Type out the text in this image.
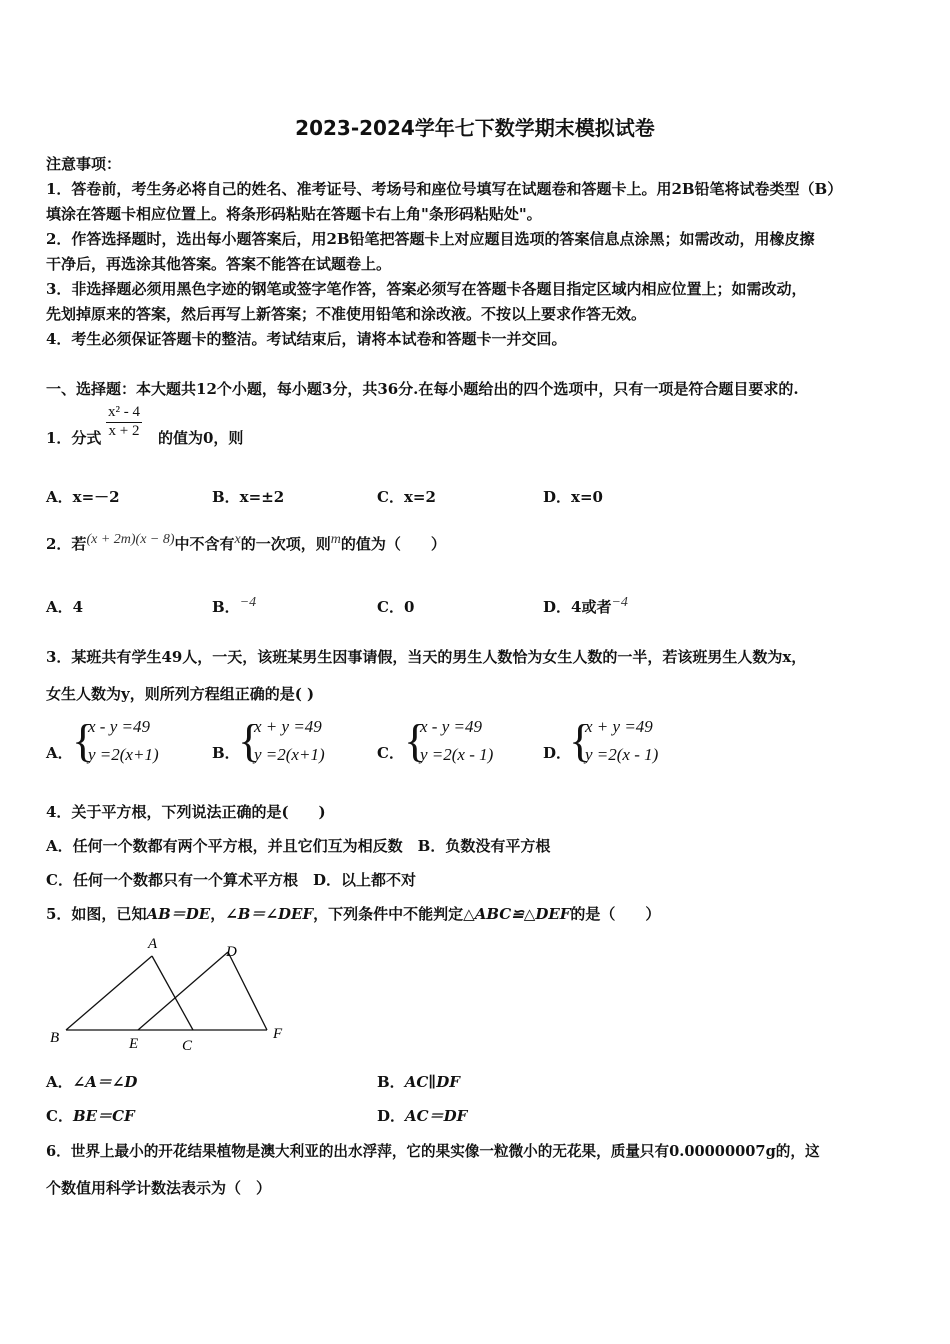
2023-2024学年七下数学期末模拟试卷
注意事项：
1．答卷前，考生务必将自己的姓名、准考证号、考场号和座位号填写在试题卷和答题卡上。用2B铅笔将试卷类型（B）
填涂在答题卡相应位置上。将条形码粘贴在答题卡右上角"条形码粘贴处"。
2．作答选择题时，选出每小题答案后，用2B铅笔把答题卡上对应题目选项的答案信息点涂黑；如需改动，用橡皮擦
干净后，再选涂其他答案。答案不能答在试题卷上。
3．非选择题必须用黑色字迹的钢笔或签字笔作答，答案必须写在答题卡各题目指定区域内相应位置上；如需改动，
先划掉原来的答案，然后再写上新答案；不准使用铅笔和涂改液。不按以上要求作答无效。
4．考生必须保证答题卡的整洁。考试结束后，请将本试卷和答题卡一并交回。
一、选择题：本大题共12个小题，每小题3分，共36分.在每小题给出的四个选项中，只有一项是符合题目要求的.
1．分式 $\frac{\text{x² - 4}}{x + 2}$ 的值为0，则
A．x=－2	B．x=±2	C．x=2	D．x=0
2．若(x + 2m)(x − 8)中不含有x的一次项，则m的值为（　　）
A．4	B．−4	C．0	D．4或者−4
3．某班共有学生49人，一天，该班某男生因事请假，当天的男生人数恰为女生人数的一半，若该班男生人数为x，
女生人数为y，则所列方程组正确的是( )
A． {
x - y =49
y =2(x+1)	B．
{
x + y =49
y =2(x+1)	C． {
x - y =49
y =2(x - 1)	D．
{
x + y =49
y =2(x - 1)
4．关于平方根，下列说法正确的是(　　)
A．任何一个数都有两个平方根，并且它们互为相反数　B．负数没有平方根
C．任何一个数都只有一个算术平方根　D．以上都不对
5．如图，已知AB＝DE，∠B＝∠DEF，下列条件中不能判定△ABC≌△DEF的是（　　）
A
B	C
D
E
F
A．∠A＝∠D	B．AC∥DF
C．BE＝CF	D．AC＝DF
6．世界上最小的开花结果植物是澳大利亚的出水浮萍，它的果实像一粒微小的无花果，质量只有0.00000007g的，这
个数值用科学计数法表示为（　）
